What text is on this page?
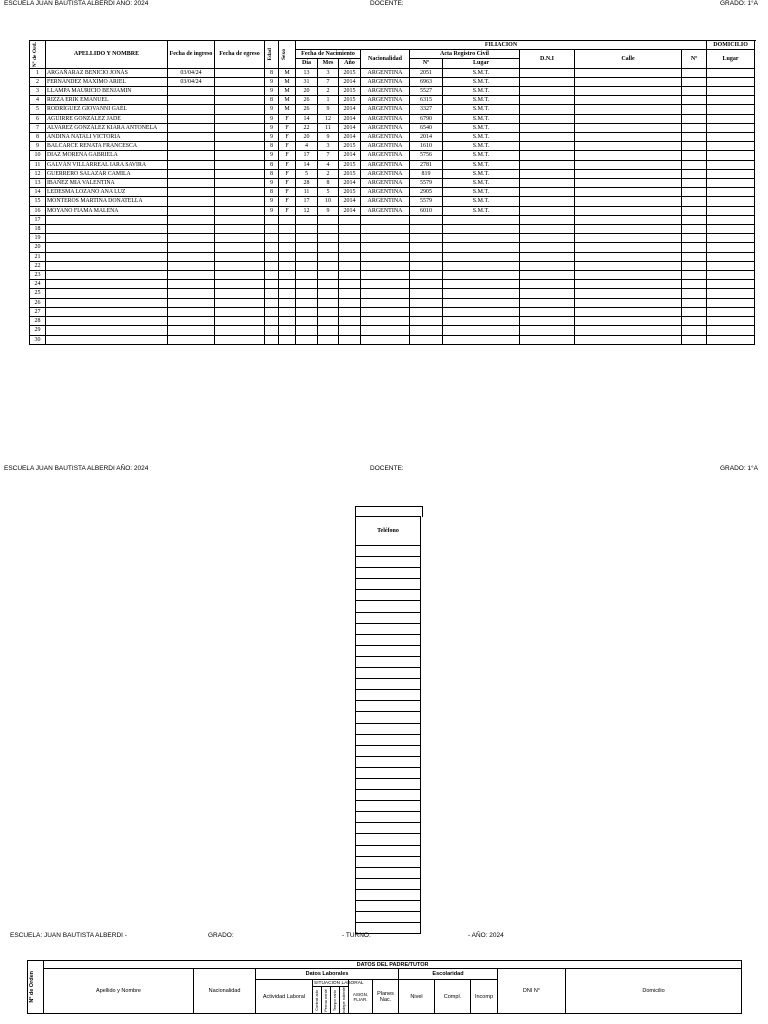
ESCUELA JUAN BAUTISTA ALBERDI AÑO: 2024	DOCENTE:	GRADO: 1°A
Nº de Ord.	APELLIDO Y NOMBRE	Fecha de ingreso	Fecha de egreso	Edad	Sexo	FILIACION									DOMICILIO
						Fecha de Nacimiento			Nacionalidad	Acta Registro Civil		D.N.I	Calle	Nº	Lugar
						Día	Mes	Año		Nº	Lugar				
1	ARGAÑARAZ BENICIO JONÁS	03/04/24		8	M	13	3	2015	ARGENTINA	2051	S.M.T.				
2	FERNÁNDEZ MAXIMO ARIEL	03/04/24		9	M	31	7	2014	ARGENTINA	6963	S.M.T.				
3	LLAMPA MAURICIO BENJAMIN			9	M	20	2	2015	ARGENTINA	5527	S.M.T.				
4	RIZZA ERIK EMANUEL			8	M	26	1	2015	ARGENTINA	6315	S.M.T.				
5	RODRÍGUEZ GIOVANNI GAEL			9	M	26	9	2014	ARGENTINA	3327	S.M.T.				
6	AGUIRRE GONZÁLEZ JADE			9	F	14	12	2014	ARGENTINA	6790	S.M.T.				
7	ALVAREZ GONZÁLEZ KIARA ANTONELA			9	F	22	11	2014	ARGENTINA	6540	S.M.T.				
8	ANDINA NATALI VICTORIA			9	F	20	9	2014	ARGENTINA	2014	S.M.T.				
9	BALCARCE RENATA FRANCESCA			8	F	4	3	2015	ARGENTINA	1610	S.M.T.				
10	DIAZ MORENA GABRIELA			9	F	17	7	2014	ARGENTINA	5756	S.M.T.				
11	GALVÁN VILLARREAL IARA SAVIRA			8	F	14	4	2015	ARGENTINA	2781	S.M.T.				
12	GUERRERO SALAZAR CAMILA			8	F	5	2	2015	ARGENTINA	819	S.M.T.				
13	IBAÑEZ MIA VALENTINA			9	F	28	8	2014	ARGENTINA	5579	S.M.T.				
14	LEDESMA LOZANO ANA LUZ			8	F	11	5	2015	ARGENTINA	2905	S.M.T.				
15	MONTEROS MARTINA DONATELLA			9	F	17	10	2014	ARGENTINA	5579	S.M.T.				
16	MOYANO FIAMA MALENA			9	F	12	9	2014	ARGENTINA	6010	S.M.T.				
17															
18															
19															
20															
21															
22															
23															
24															
25															
26															
27															
28															
29															
30															
ESCUELA JUAN BAUTISTA ALBERDI AÑO: 2024	DOCENTE:	GRADO: 1°A
Teléfono

ESCUELA: JUAN BAUTISTA ALBERDI -	GRADO:	- TURNO:	- AÑO: 2024
Nº de Orden	DATOS DEL PADRE/TUTOR													
	Apellido y Nombre	Nacionalidad	Datos Laborales							Escolaridad			DNI N°	Domicilio
			Actividad Laboral	SITUACION LABORAL				ASIGN. FLIAR.	Planes Nac.	Nivel	Compl.	Incomp		

				Contrat ado	Perma nente	Tempo rario	Indepe ndiente							
